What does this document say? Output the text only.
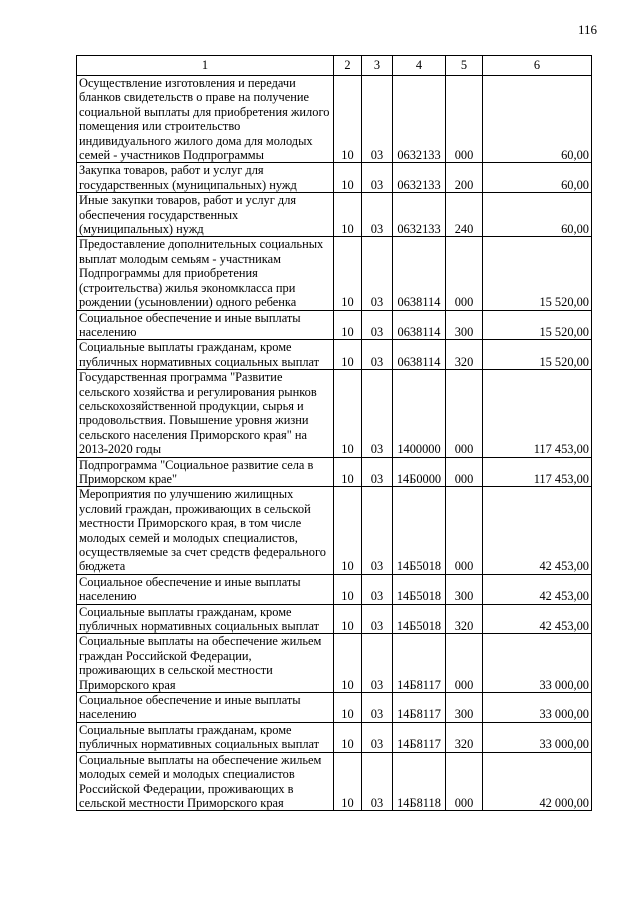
116
1	2	3	4	5	6
Осуществление изготовления и передачи бланков свидетельств о праве на получение социальной выплаты для приобретения жилого помещения или строительство индивидуального жилого дома для молодых семей - участников Подпрограммы	10	03	0632133	000	60,00
Закупка товаров, работ и услуг для государственных (муниципальных) нужд	10	03	0632133	200	60,00
Иные закупки товаров, работ и услуг для обеспечения государственных (муниципальных) нужд	10	03	0632133	240	60,00
Предоставление дополнительных социальных выплат молодым семьям - участникам Подпрограммы для приобретения (строительства) жилья экономкласса при рождении (усыновлении) одного ребенка	10	03	0638114	000	15 520,00
Социальное обеспечение и иные выплаты населению	10	03	0638114	300	15 520,00
Социальные выплаты гражданам, кроме публичных нормативных социальных выплат	10	03	0638114	320	15 520,00
Государственная программа "Развитие сельского хозяйства и регулирования рынков сельскохозяйственной продукции, сырья и продовольствия. Повышение уровня жизни сельского населения Приморского края" на 2013-2020 годы	10	03	1400000	000	117 453,00
Подпрограмма "Социальное развитие села в Приморском крае"	10	03	14Б0000	000	117 453,00
Мероприятия по улучшению жилищных условий граждан, проживающих в сельской местности Приморского края, в том числе молодых семей и молодых специалистов, осуществляемые за счет средств федерального бюджета	10	03	14Б5018	000	42 453,00
Социальное обеспечение и иные выплаты населению	10	03	14Б5018	300	42 453,00
Социальные выплаты гражданам, кроме публичных нормативных социальных выплат	10	03	14Б5018	320	42 453,00
Социальные выплаты на обеспечение жильем граждан Российской Федерации, проживающих в сельской местности Приморского края	10	03	14Б8117	000	33 000,00
Социальное обеспечение и иные выплаты населению	10	03	14Б8117	300	33 000,00
Социальные выплаты гражданам, кроме публичных нормативных социальных выплат	10	03	14Б8117	320	33 000,00
Социальные выплаты на обеспечение жильем молодых семей и молодых специалистов Российской Федерации, проживающих в сельской местности Приморского края	10	03	14Б8118	000	42 000,00
